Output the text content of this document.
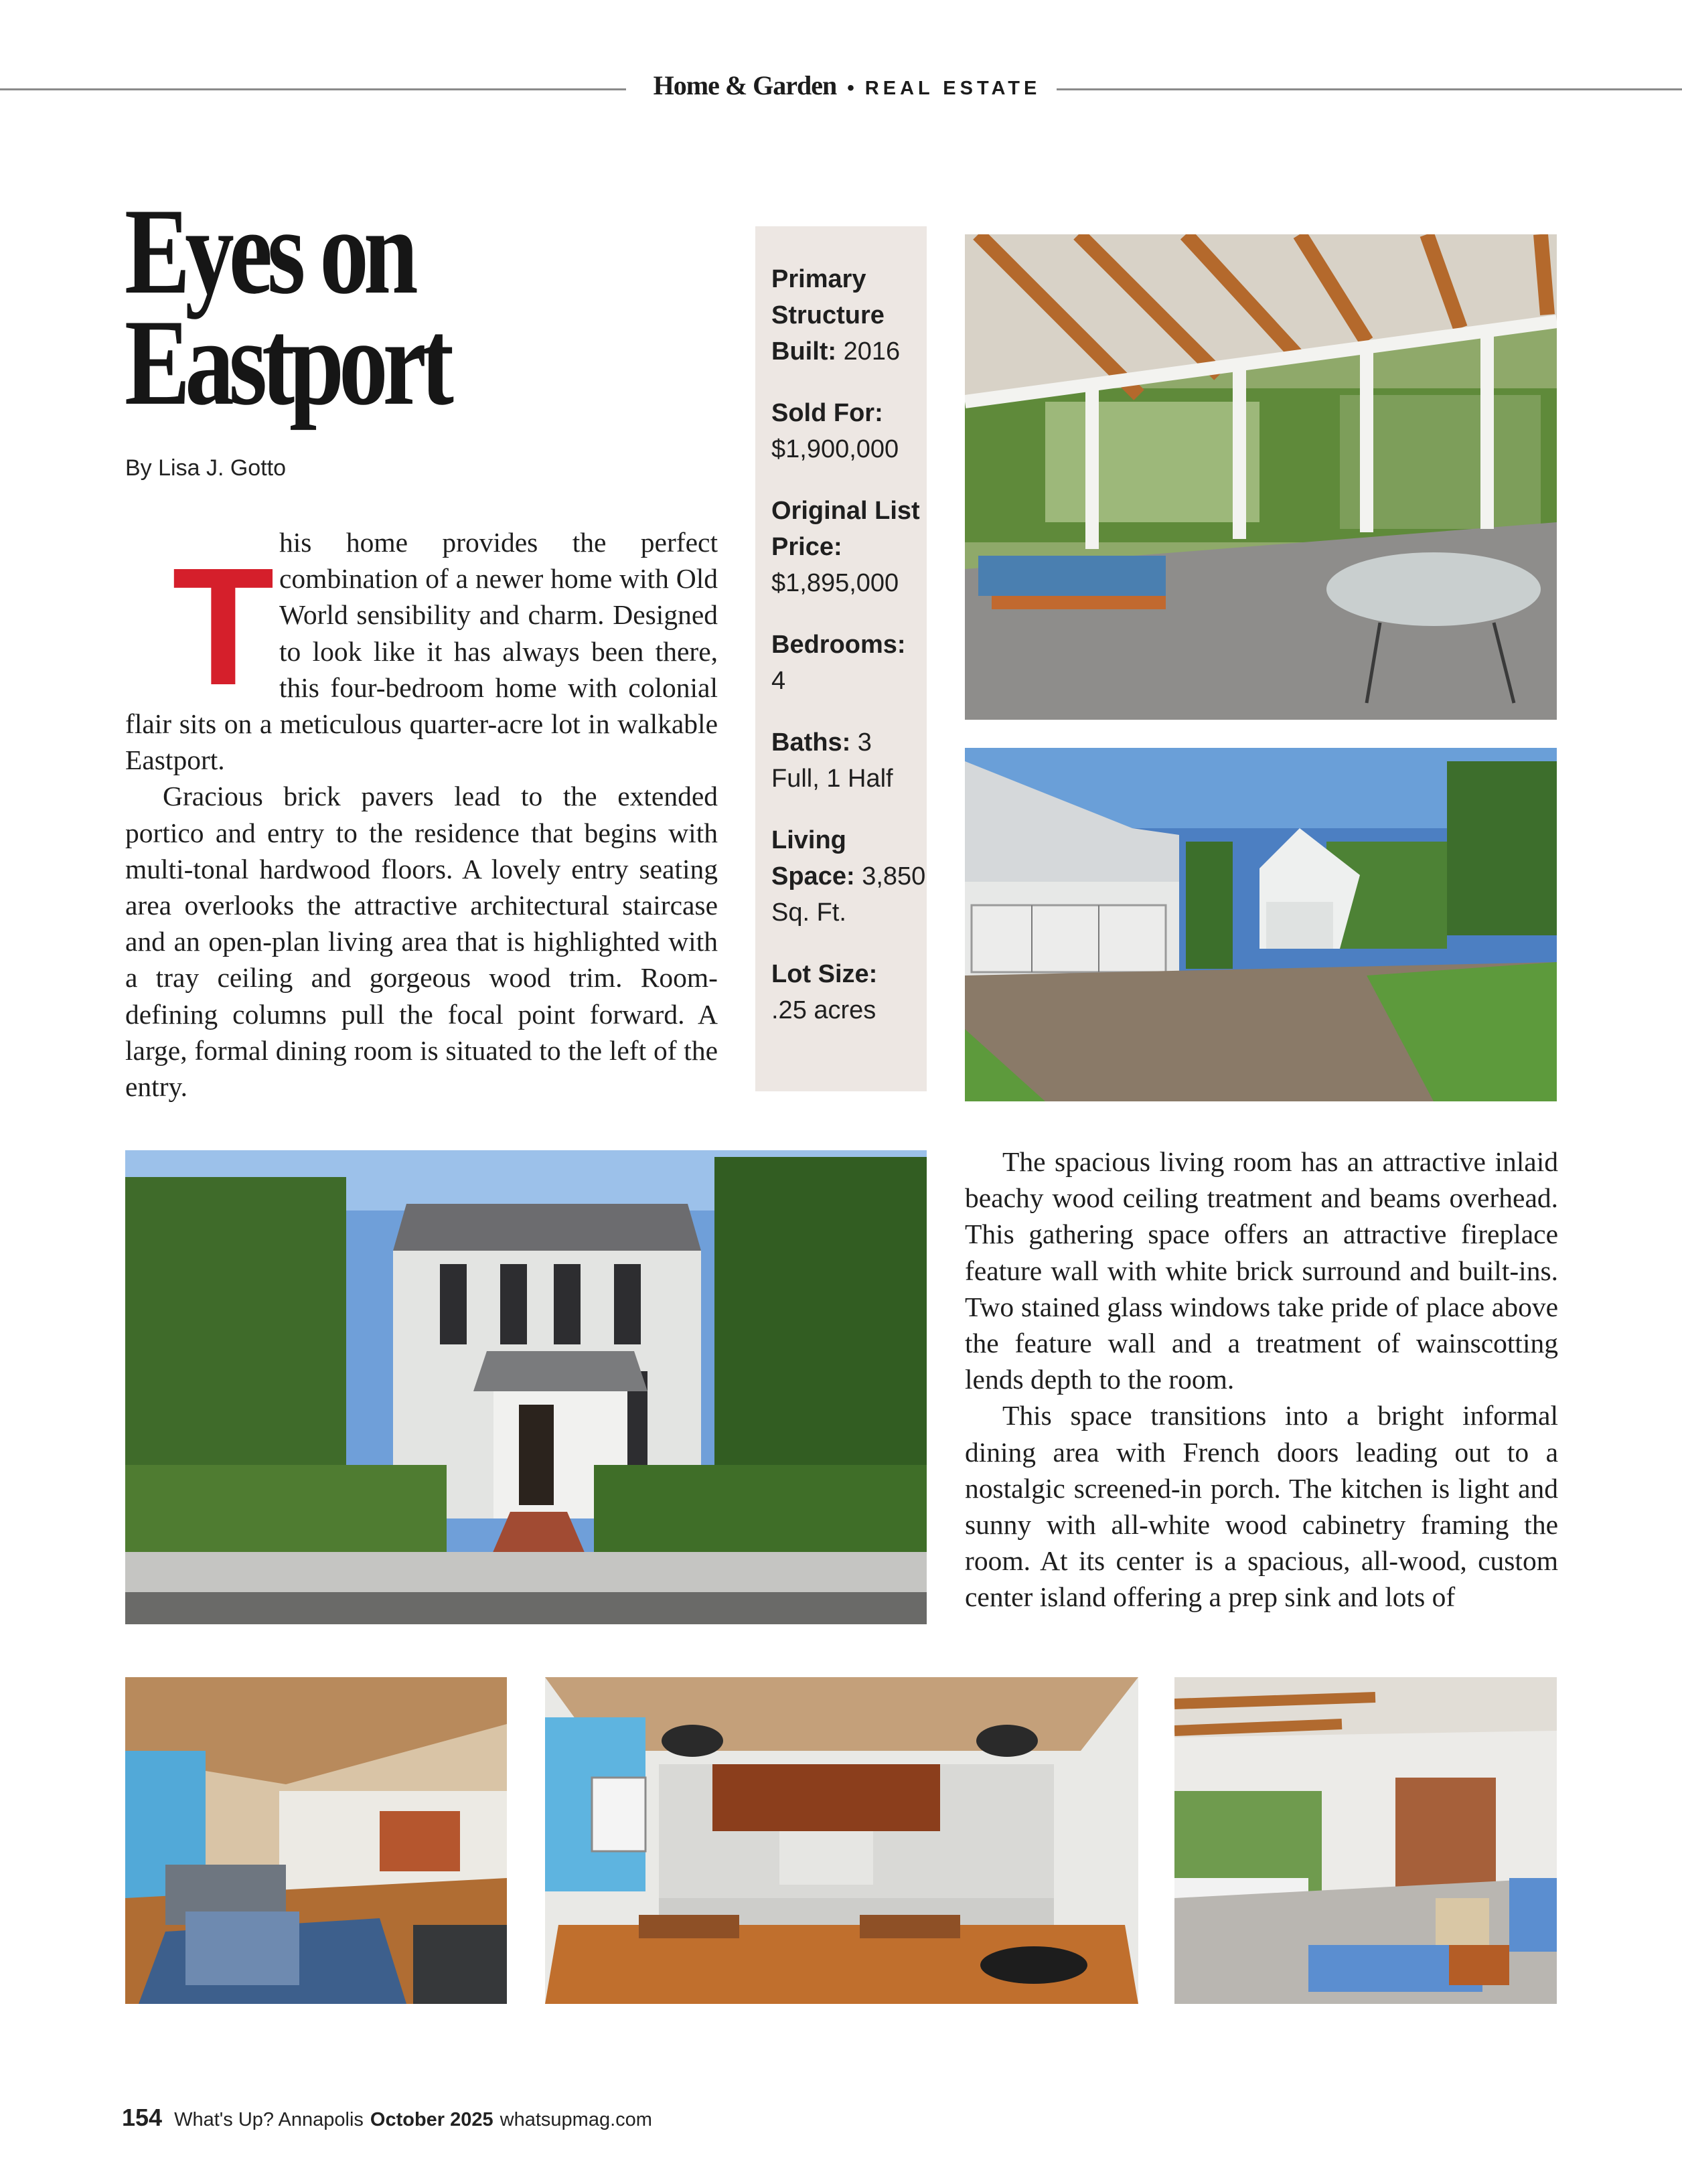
Home & Garden • REAL ESTATE
Eyes on
Eastport
By Lisa J. Gotto
T his home provides the perfect combination of a newer home with Old World sensibility and charm. Designed to look like it has always been there, this four-bedroom home with colonial flair sits on a meticulous quarter-acre lot in walkable Eastport.

Gracious brick pavers lead to the extended portico and entry to the residence that begins with multi-tonal hardwood floors. A lovely entry seating area overlooks the attractive architectural staircase and an open-plan living area that is highlighted with a tray ceiling and gorgeous wood trim. Room-defining columns pull the focal point forward. A large, formal dining room is situated to the left of the entry.

Primary Structure Built: 2016
Sold For:
$1,900,000
Original List Price:
$1,895,000
Bedrooms:
4
Baths: 3 Full, 1 Half
Living Space: 3,850 Sq. Ft.
Lot Size:
.25 acres

The spacious living room has an attractive inlaid beachy wood ceiling treatment and beams overhead. This gathering space offers an attractive fireplace feature wall with white brick surround and built-ins. Two stained glass windows take pride of place above the feature wall and a treatment of wainscotting lends depth to the room.

This space transitions into a bright informal dining area with French doors leading out to a nostalgic screened-in porch. The kitchen is light and sunny with all-white wood cabinetry framing the room. At its center is a spacious, all-wood, custom center island offering a prep sink and lots of

154 What's Up? Annapolis October 2025 whatsupmag.com
